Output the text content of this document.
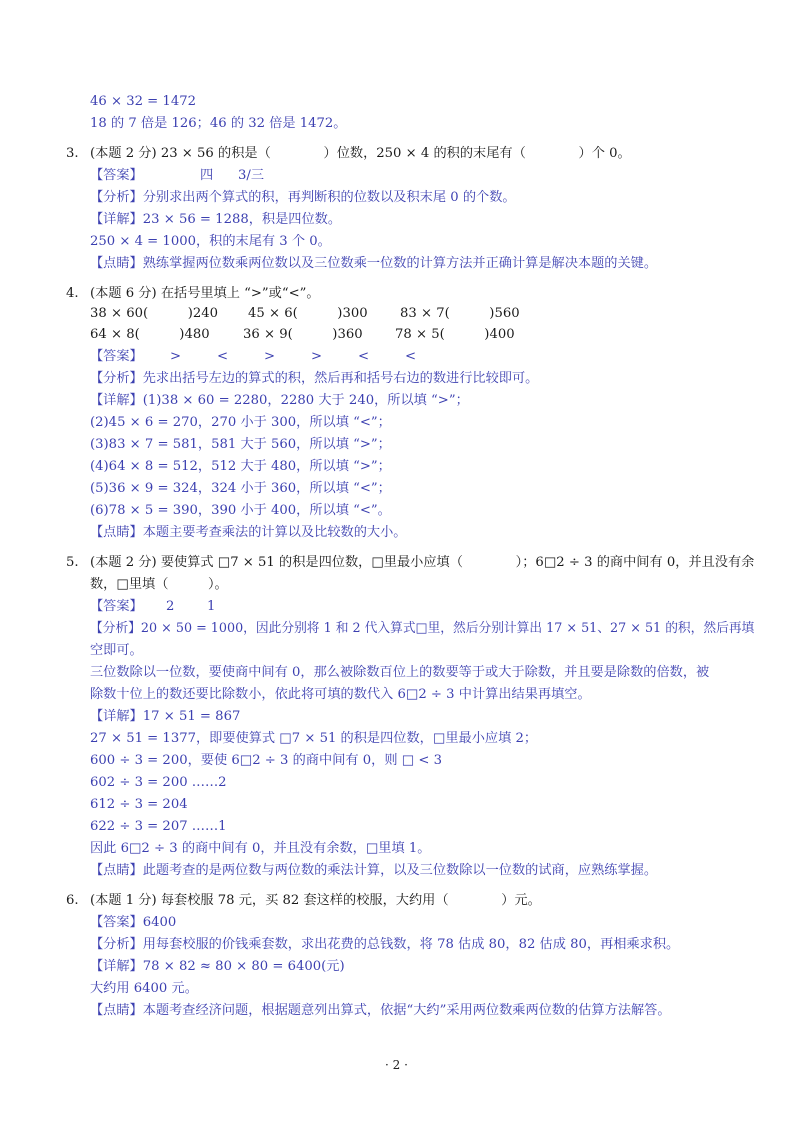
46 × 32 = 1472
18 的 7 倍是 126；46 的 32 倍是 1472。
3. (本题 2 分) 23 × 56 的积是（　　　　）位数，250 × 4 的积的末尾有（　　　　）个 0。
【答案】	四 3/三
【分析】分别求出两个算式的积，再判断积的位数以及积末尾 0 的个数。
【详解】23 × 56 = 1288，积是四位数。
250 × 4 = 1000，积的末尾有 3 个 0。
【点睛】熟练掌握两位数乘两位数以及三位数乘一位数的计算方法并正确计算是解决本题的关键。
4. (本题 6 分) 在括号里填上 “>”或“<”。
38 × 60(　　　)240 45 × 6(　　　)300 83 × 7(　　　)560
64 × 8(　　　)480	36 × 9(　　　)360 78 × 5(　　　)400
【答案】 >	<	>	>	<	<
【分析】先求出括号左边的算式的积，然后再和括号右边的数进行比较即可。
【详解】(1)38 × 60 = 2280，2280 大于 240，所以填 “>”；
(2)45 × 6 = 270，270 小于 300，所以填 “<”；
(3)83 × 7 = 581，581 大于 560，所以填 “>”；
(4)64 × 8 = 512，512 大于 480，所以填 “>”；
(5)36 × 9 = 324，324 小于 360，所以填 “<”；
(6)78 × 5 = 390，390 小于 400，所以填 “<”。
【点睛】本题主要考查乘法的计算以及比较数的大小。
5. (本题 2 分) 要使算式 □7 × 51 的积是四位数，□里最小应填（　　　　）；6□2 ÷ 3 的商中间有 0，并且没有余
数，□里填（　　　）。
【答案】 2 1
【分析】20 × 50 = 1000，因此分别将 1 和 2 代入算式□里，然后分别计算出 17 × 51、27 × 51 的积，然后再填
空即可。
三位数除以一位数，要使商中间有 0，那么被除数百位上的数要等于或大于除数，并且要是除数的倍数，被
除数十位上的数还要比除数小，依此将可填的数代入 6□2 ÷ 3 中计算出结果再填空。
【详解】17 × 51 = 867
27 × 51 = 1377，即要使算式 □7 × 51 的积是四位数，□里最小应填 2；
600 ÷ 3 = 200，要使 6□2 ÷ 3 的商中间有 0，则 □ < 3
602 ÷ 3 = 200 ……2
612 ÷ 3 = 204
622 ÷ 3 = 207 ……1
因此 6□2 ÷ 3 的商中间有 0，并且没有余数，□里填 1。
【点睛】此题考查的是两位数与两位数的乘法计算，以及三位数除以一位数的试商，应熟练掌握。
6. (本题 1 分) 每套校服 78 元，买 82 套这样的校服，大约用（　　　　）元。
【答案】6400
【分析】用每套校服的价钱乘套数，求出花费的总钱数，将 78 估成 80，82 估成 80，再相乘求积。
【详解】78 × 82 ≈ 80 × 80 = 6400(元)
大约用 6400 元。
【点睛】本题考查经济问题，根据题意列出算式，依据“大约”采用两位数乘两位数的估算方法解答。
· 2 ·
